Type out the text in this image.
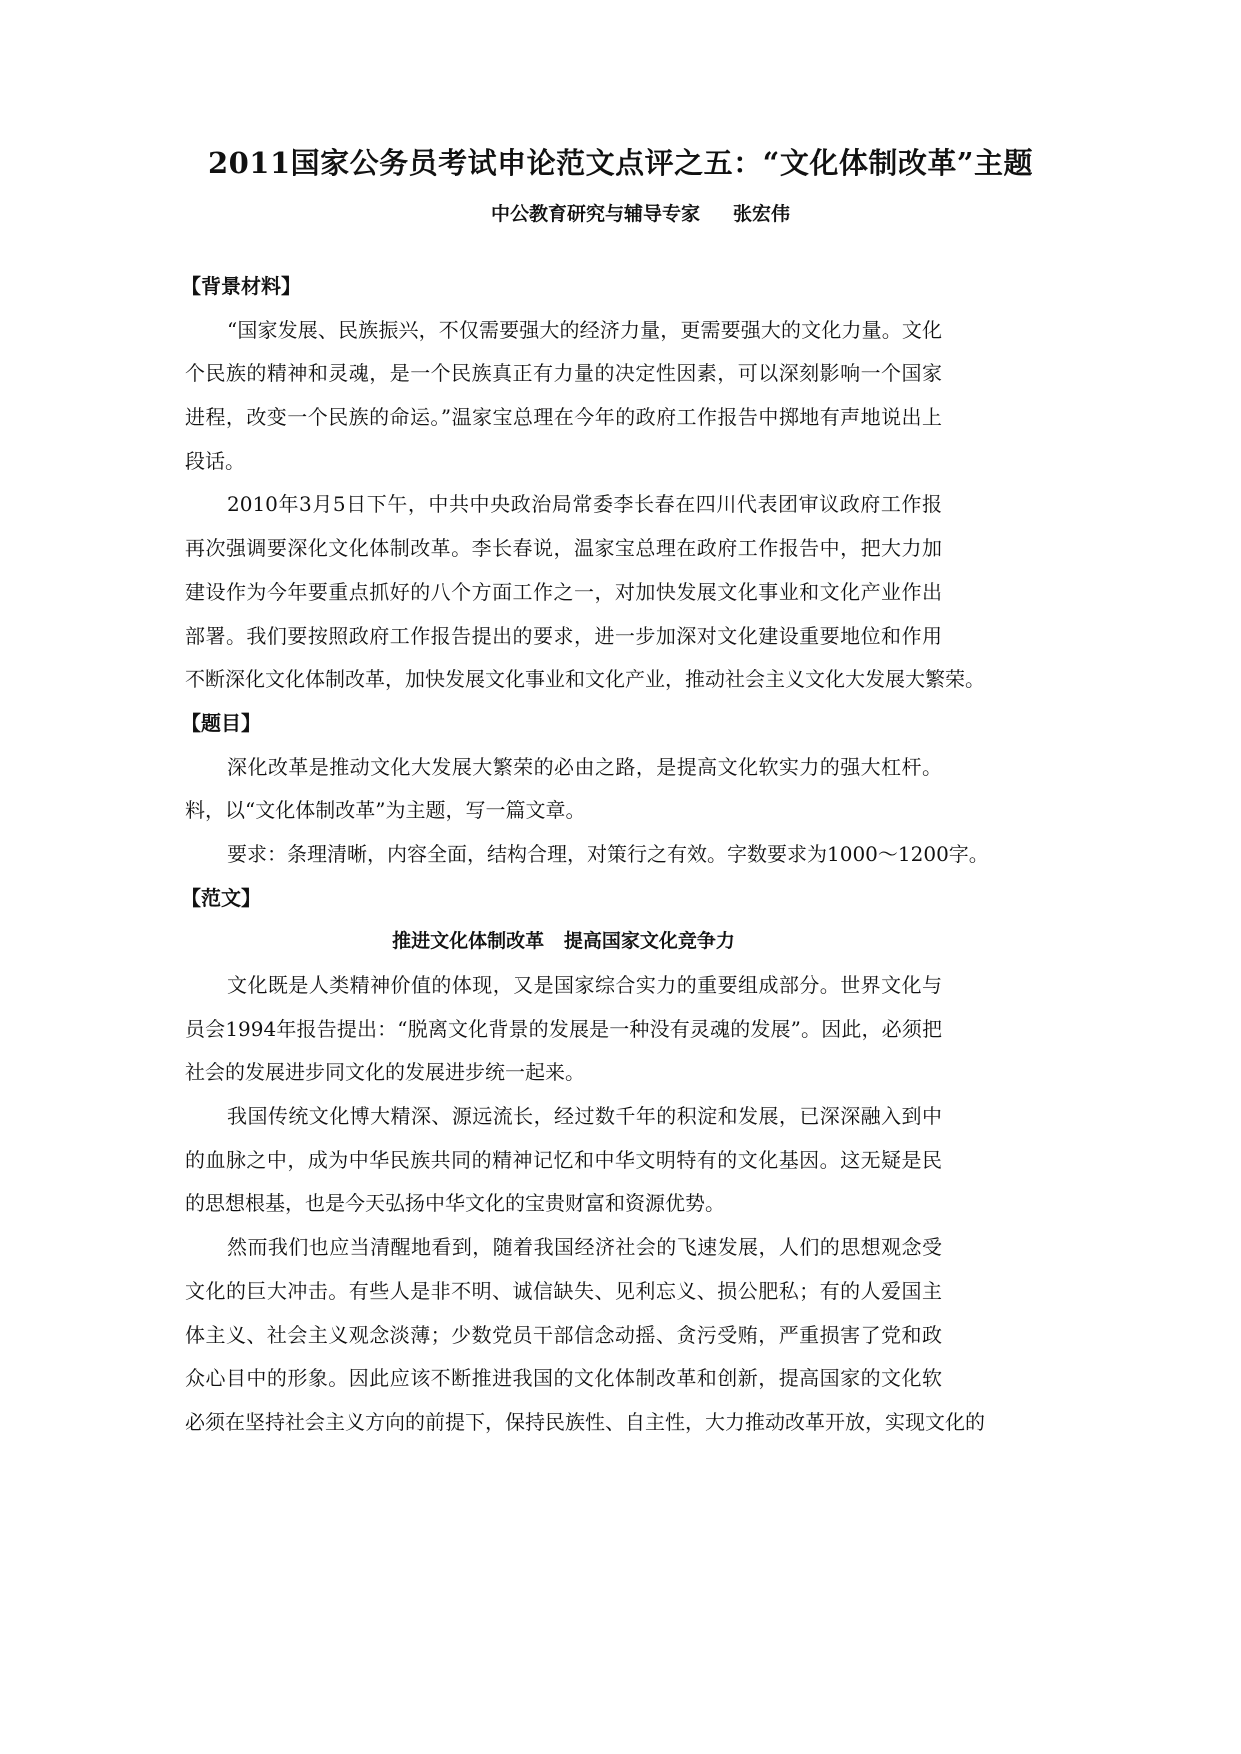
2011国家公务员考试申论范文点评之五：“文化体制改革”主题
中公教育研究与辅导专家     张宏伟
【背景材料】
“国家发展、民族振兴，不仅需要强大的经济力量，更需要强大的文化力量。文化
个民族的精神和灵魂，是一个民族真正有力量的决定性因素，可以深刻影响一个国家
进程，改变一个民族的命运。”温家宝总理在今年的政府工作报告中掷地有声地说出上
段话。
2010年3月5日下午，中共中央政治局常委李长春在四川代表团审议政府工作报
再次强调要深化文化体制改革。李长春说，温家宝总理在政府工作报告中，把大力加
建设作为今年要重点抓好的八个方面工作之一，对加快发展文化事业和文化产业作出
部署。我们要按照政府工作报告提出的要求，进一步加深对文化建设重要地位和作用
不断深化文化体制改革，加快发展文化事业和文化产业，推动社会主义文化大发展大繁荣。
【题目】
深化改革是推动文化大发展大繁荣的必由之路，是提高文化软实力的强大杠杆。
料，以“文化体制改革”为主题，写一篇文章。
要求：条理清晰，内容全面，结构合理，对策行之有效。字数要求为1000～1200字。
【范文】
推进文化体制改革   提高国家文化竞争力
文化既是人类精神价值的体现，又是国家综合实力的重要组成部分。世界文化与
员会1994年报告提出：“脱离文化背景的发展是一种没有灵魂的发展”。因此，必须把
社会的发展进步同文化的发展进步统一起来。
我国传统文化博大精深、源远流长，经过数千年的积淀和发展，已深深融入到中
的血脉之中，成为中华民族共同的精神记忆和中华文明特有的文化基因。这无疑是民
的思想根基，也是今天弘扬中华文化的宝贵财富和资源优势。
然而我们也应当清醒地看到，随着我国经济社会的飞速发展，人们的思想观念受
文化的巨大冲击。有些人是非不明、诚信缺失、见利忘义、损公肥私；有的人爱国主
体主义、社会主义观念淡薄；少数党员干部信念动摇、贪污受贿，严重损害了党和政
众心目中的形象。因此应该不断推进我国的文化体制改革和创新，提高国家的文化软
必须在坚持社会主义方向的前提下，保持民族性、自主性，大力推动改革开放，实现文化的
